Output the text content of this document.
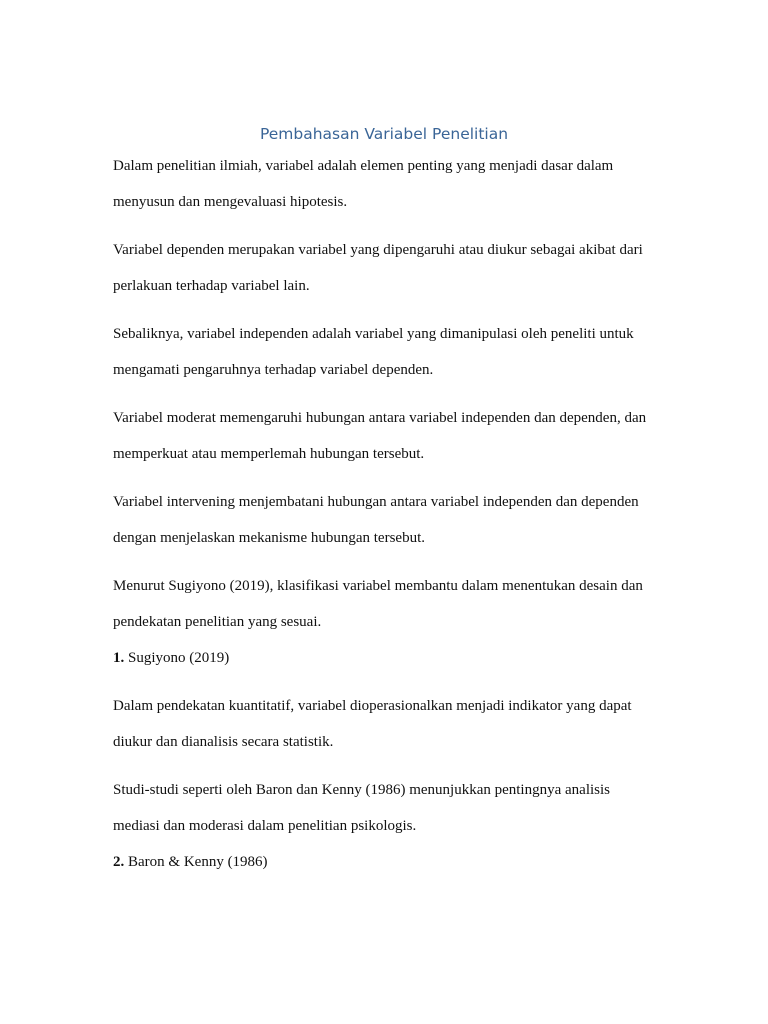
Pembahasan Variabel Penelitian

Dalam penelitian ilmiah, variabel adalah elemen penting yang menjadi dasar dalam menyusun dan mengevaluasi hipotesis.

Variabel dependen merupakan variabel yang dipengaruhi atau diukur sebagai akibat dari perlakuan terhadap variabel lain.

Sebaliknya, variabel independen adalah variabel yang dimanipulasi oleh peneliti untuk mengamati pengaruhnya terhadap variabel dependen.

Variabel moderat memengaruhi hubungan antara variabel independen dan dependen, dan memperkuat atau memperlemah hubungan tersebut.

Variabel intervening menjembatani hubungan antara variabel independen dan dependen dengan menjelaskan mekanisme hubungan tersebut.

Menurut Sugiyono (2019), klasifikasi variabel membantu dalam menentukan desain dan pendekatan penelitian yang sesuai.

1. Sugiyono (2019)

Dalam pendekatan kuantitatif, variabel dioperasionalkan menjadi indikator yang dapat diukur dan dianalisis secara statistik.

Studi-studi seperti oleh Baron dan Kenny (1986) menunjukkan pentingnya analisis mediasi dan moderasi dalam penelitian psikologis.

2. Baron & Kenny (1986)
